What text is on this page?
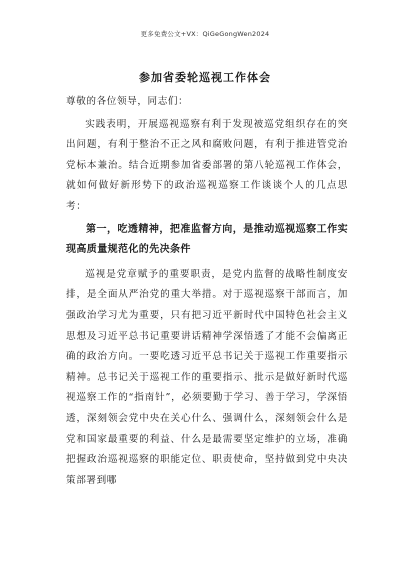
更多免费公文+VX：QiGeGongWen2024
参加省委轮巡视工作体会

尊敬的各位领导，同志们：

实践表明，开展巡视巡察有利于发现被巡党组织存在的突出问题，有利于整治不正之风和腐败问题，有利于推进管党治党标本兼治。结合近期参加省委部署的第八轮巡视工作体会，就如何做好新形势下的政治巡视巡察工作谈谈个人的几点思考：

第一，吃透精神，把准监督方向，是推动巡视巡察工作实现高质量规范化的先决条件

巡视是党章赋予的重要职责，是党内监督的战略性制度安排，是全面从严治党的重大举措。对于巡视巡察干部而言，加强政治学习尤为重要，只有把习近平新时代中国特色社会主义思想及习近平总书记重要讲话精神学深悟透了才能不会偏离正确的政治方向。一要吃透习近平总书记关于巡视工作重要指示精神。总书记关于巡视工作的重要指示、批示是做好新时代巡视巡察工作的“指南针”，必须要勤于学习、善于学习，学深悟透，深刻领会党中央在关心什么、强调什么，深刻领会什么是党和国家最重要的利益、什么是最需要坚定维护的立场，准确把握政治巡视巡察的职能定位、职责使命，坚持做到党中央决策部署到哪
